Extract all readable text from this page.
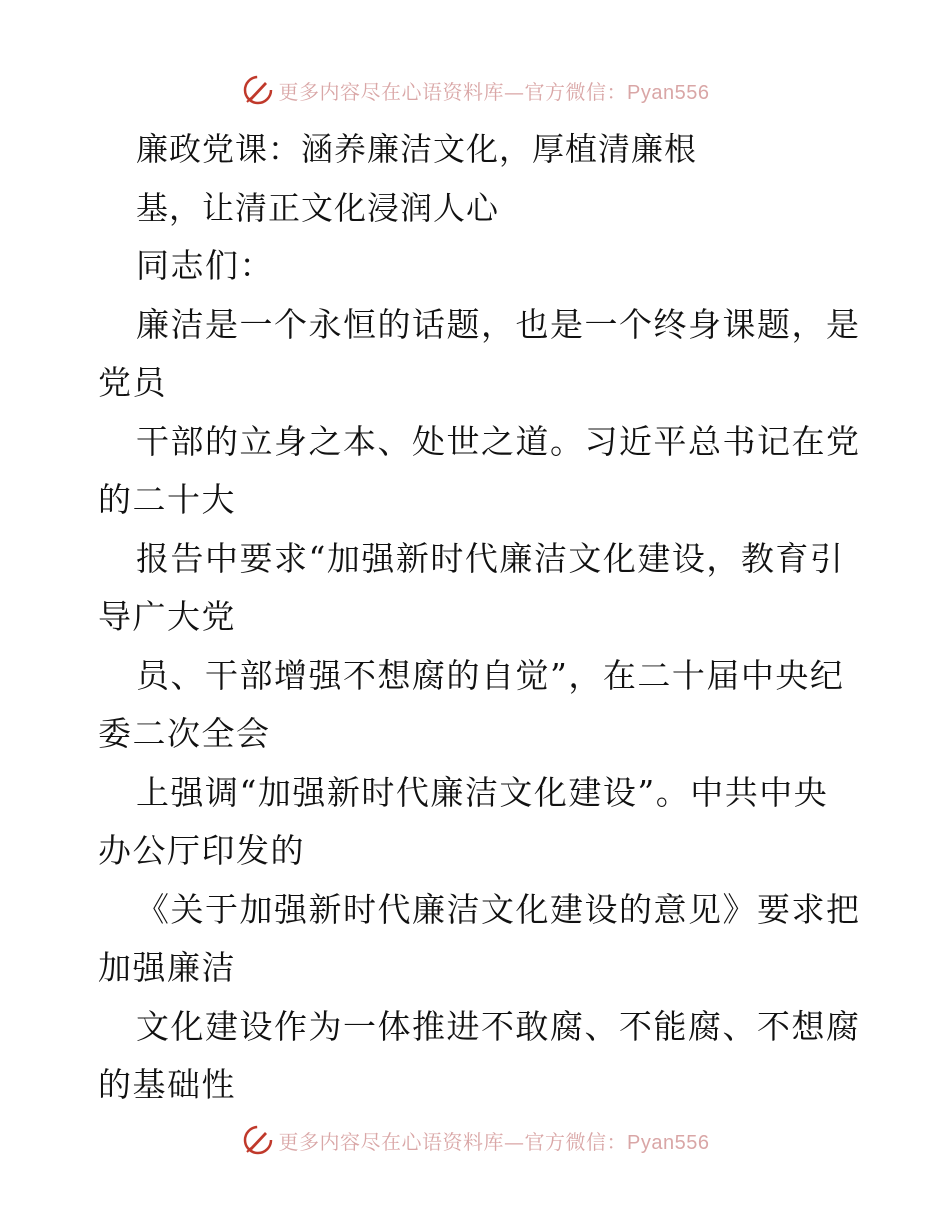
更多内容尽在心语资料库—官方微信：Pyan556
廉政党课：涵养廉洁文化，厚植清廉根
基，让清正文化浸润人心
同志们：
廉洁是一个永恒的话题，也是一个终身课题，是
党员
干部的立身之本、处世之道。习近平总书记在党
的二十大
报告中要求“加强新时代廉洁文化建设，教育引
导广大党
员、干部增强不想腐的自觉”，在二十届中央纪
委二次全会
上强调“加强新时代廉洁文化建设”。中共中央
办公厅印发的
《关于加强新时代廉洁文化建设的意见》要求把
加强廉洁
文化建设作为一体推进不敢腐、不能腐、不想腐
的基础性
更多内容尽在心语资料库—官方微信：Pyan556
